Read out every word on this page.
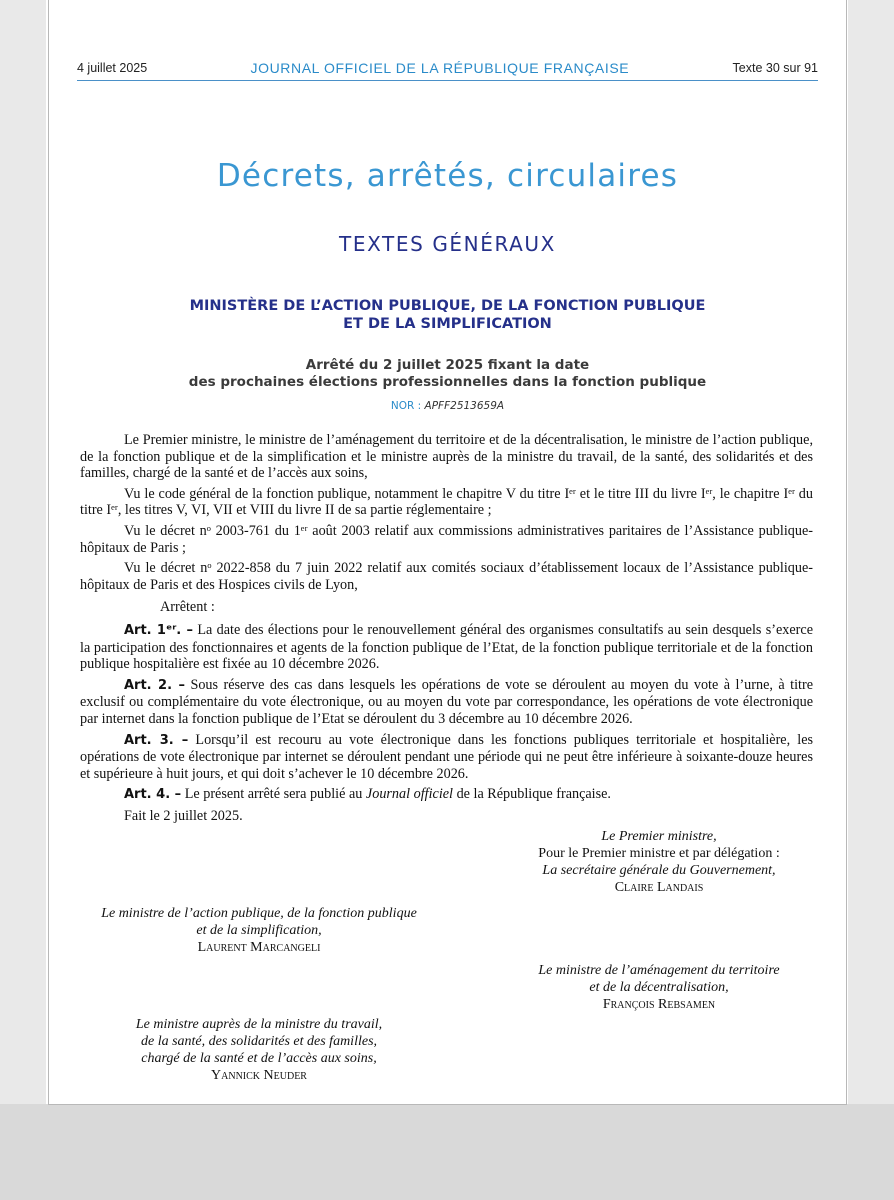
4 juillet 2025	JOURNAL OFFICIEL DE LA RÉPUBLIQUE FRANÇAISE	Texte 30 sur 91
Décrets, arrêtés, circulaires
TEXTES GÉNÉRAUX
MINISTÈRE DE L’ACTION PUBLIQUE, DE LA FONCTION PUBLIQUE
ET DE LA SIMPLIFICATION
Arrêté du 2 juillet 2025 fixant la date
des prochaines élections professionnelles dans la fonction publique
NOR : APFF2513659A

Le Premier ministre, le ministre de l’aménagement du territoire et de la décentralisation, le ministre de l’action publique, de la fonction publique et de la simplification et le ministre auprès de la ministre du travail, de la santé, des solidarités et des familles, chargé de la santé et de l’accès aux soins,

Vu le code général de la fonction publique, notamment le chapitre V du titre Iᵉʳ et le titre III du livre Iᵉʳ, le chapitre Iᵉʳ du titre Iᵉʳ, les titres V, VI, VII et VIII du livre II de sa partie réglementaire ;

Vu le décret nᵒ 2003-761 du 1ᵉʳ août 2003 relatif aux commissions administratives paritaires de l’Assistance publique-hôpitaux de Paris ;

Vu le décret nᵒ 2022-858 du 7 juin 2022 relatif aux comités sociaux d’établissement locaux de l’Assistance publique-hôpitaux de Paris et des Hospices civils de Lyon,

Arrêtent :

Art. 1ᵉʳ. – La date des élections pour le renouvellement général des organismes consultatifs au sein desquels s’exerce la participation des fonctionnaires et agents de la fonction publique de l’Etat, de la fonction publique territoriale et de la fonction publique hospitalière est fixée au 10 décembre 2026.

Art. 2. – Sous réserve des cas dans lesquels les opérations de vote se déroulent au moyen du vote à l’urne, à titre exclusif ou complémentaire du vote électronique, ou au moyen du vote par correspondance, les opérations de vote électronique par internet dans la fonction publique de l’Etat se déroulent du 3 décembre au 10 décembre 2026.

Art. 3. – Lorsqu’il est recouru au vote électronique dans les fonctions publiques territoriale et hospitalière, les opérations de vote électronique par internet se déroulent pendant une période qui ne peut être inférieure à soixante-douze heures et supérieure à huit jours, et qui doit s’achever le 10 décembre 2026.

Art. 4. – Le présent arrêté sera publié au Journal officiel de la République française.

Fait le 2 juillet 2025.

Le Premier ministre,
Pour le Premier ministre et par délégation :
La secrétaire générale du Gouvernement,
Claire Landais
Le ministre de l’action publique, de la fonction publique
et de la simplification,
Laurent Marcangeli
Le ministre de l’aménagement du territoire
et de la décentralisation,
François Rebsamen
Le ministre auprès de la ministre du travail,
de la santé, des solidarités et des familles,
chargé de la santé et de l’accès aux soins,
Yannick Neuder
